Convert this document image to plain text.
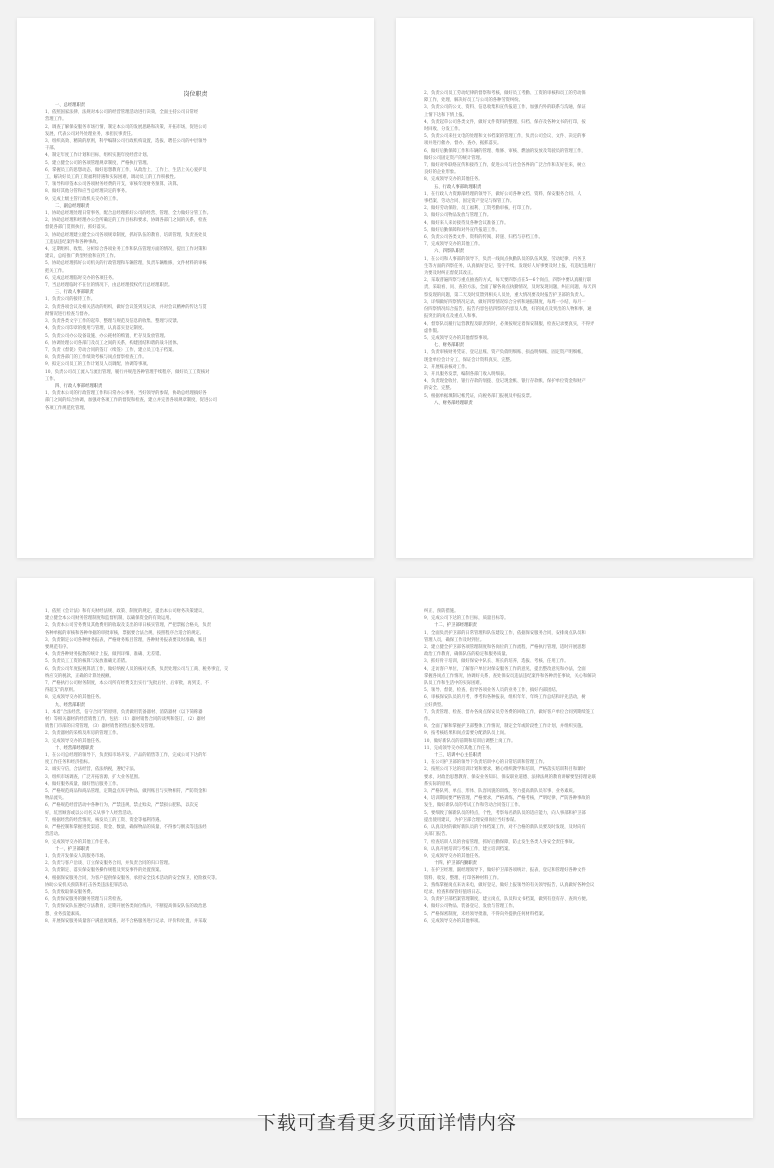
岗位职责
一、总经理职责
1、依照国家法律、法规对本公司的经营管理活动进行决策，全面主持公司日常经
营理工作。
2、调查了解保安服务市场行情，制定本公司的发展思路和决策，开拓市场，促进公司
发展，代表公司对外处理业务，承担民事责任。
3、组织高效、精简的原则，科学编制公司行政机构设置，选拔、聘任公司的中层领导
干部。
4、制定年度工作计划和目标，组织实施年度经营计划。
5、建立健全公司的各项管理规章制度，严格执行管理。
6、掌握员工的思想动态，做好思想教育工作，从政治上、工作上、生活上关心爱护员
工，解决好员工的工资福利待遇和实际困难，调动员工的工作积极性。
7、领导和审签本公司各项财务经费的开支，审核年度财务预算、决算。
8、做好其他分管和应当总经理决定的事务。
9、完成上级主管行政机关交办的工作。
二、副总经理职责
1、协助总经理处理日常事务，配合总经理抓好公司的经营、管理、全力做好分管工作。
2、协助总经理和经理办公会所确定的工作目标和要求，协调各部门之间的关系，检查
督促各部门贯彻执行，抓好落实。
3、协助总经理建立健全公司各项规章制度，抓好队伍的教育、培训管理，负责查处员
工违法违纪案件和各种事故。
4、定期组织、收集、分析综合各项业务工作和队伍管理方面的情况，提出工作对策和
建议，总结推广典型经验和宣传工作。
5、协助总经理抓好公司机关的行政管理和车辆管理，负责车辆维修，文件材料的审核
把关工作。
6、完成总经理临时交办的各项任务。
7、当总经理临时不在位的情况下，由总经理授权代行总经理职责。
三、行政人事部职责
1、负责公司的接待工作。
2、负责各项会议及相关活动的组织，做好会议签到及记录，并对会议精神的传达与贯
彻情况进行检查与督办。
3、负责各类文字工作的起草、整理与规范及信息的收集、整理与反馈。
4、负责公司印章的使用与管理，认真落实登记制度。
5、负责公司办公设备设施、办公耗材的购置、贮存及发放管理。
6、协调处理公司各部门及员工之间的关系，构建团结和谐的战斗团体。
7、负责《督促》劳动合同的签订（续签）工作，建立员工电子档案。
8、负责各部门的工作绩效考核与岗点督察检查工作。
9、拟定公司员工的工作计划及人员调配、协调等事项。
10、负责公司员工流入与流出管理，履行并规范各种管理手续程序，做好员工工资核对
工作。
四、行政人事部经理职责
1、负责本公司的行政管理工作和日常办公事务，当好领导的参谋，协助总经理搞好各
部门之间的综合协调，加强对各项工作的督促和检查，建立并完善各项规章制度，促进公司
各项工作规范化管理。
2、负责公司员工劳动纪律的督察和考核，做好员工考勤、工资的审核和员工的劳动保
障工作，处理、解决好员工与公司的各种劳资纠纷。
3、负责公司的公文、资料、信息收集和宣传报道工作，加强内外的联系与沟通，保证
上情下达和下情上报。
4、负责起草公司各类文件，做好文件资料的整理、归档、保存及各种文书的打印，按
时回收、分发工作。
5、负责公司来往文电的处理和文书档案的管理工作，负责公司会议、文件、决定的事
项并进行催办、督办、查办，据抓落实。
6、做好后勤保障工作和车辆的管理、维修、审核、燃油的发放及驾驶员的管理工作，
做好公司固定资产的统计管理。
7、做好对外联络宣传和接待工作，促进公司与社会各界的广泛合作和友好往来，树立
良好的企业形象。
8、完成领导交办的其他任务。
五、行政人事部助理职责
1、在行政人力资源部经理的领导下，做好公司各种文档、资料、保安服务合同、人
事档案、劳动合同、固定资产登记与保管工作。
2、做好劳动保险、员工福利、工资考勤审核，打印工作。
3、做好公司物品发放与管理工作。
4、做好来人来访接待及各种会议准备工作。
5、做好后勤保障和对外宣传报道工作。
6、负责公司各类文件、资料的传阅、转递、归档与存档工作。
7、完成领导交办的其他工作。
六、四察队职责
1、在公司和人事部的领导下，负责一线岗点执勤队员的队伍风貌、劳动纪律、内务卫
生等方面的四察任务，认真搞好登记、签字手续，发现好人好事要及时上报，有违纪违规行
为要及时纠正督促其改正。
2、采取普遍四察与重点抽查的方式，每天要四察点在5—6个岗点，四察中要认真履行职
责，采取看、问、查的方法，全面了解各岗点执勤情况，及时发现问题，纠正问题，每天四
察发现的问题，第二天及时反馈到相关人员处，重大情况要及时报告护卫部的负责人。
3、详细做好四察情况记录，做好四察情况综合分析和通报制度，每周一小结，每月一
份四察情况综合报告，报告内容包括四察的内容及人数，好的岗点及突出的人物和事，通
报突出的岗点及重点人和事。
4、督察队员履行运营教程及职责的时，必须按规定着保安制服，检查记录要真实，不得弄
虚作假。
5、完成领导交办的其他督察事项。
七、财务部职责
1、负责审核财务凭证、登记总账、资产负债明细账、损益明细账、固定资产明细帐，
现金单位会计分工，保证会计资料真实、完整。
2、开展账表核对工作。
3、开具服务发票，编制各部门收入明细表。
4、负责现金收付、银行存款的划拨、登记现金帐、银行存款帐、保护单位资金和财产
的安全、完整。
5、根据单据填制记帐凭证，向税务部门报税及申报发票。
八、财务部经理职责
1、依照《会计法》和有关财经法规、政策、制度的规定，提出本公司财务决策建议，
建立健全本公司财务管理制度和监督机制，以确保资金的有效运用。
2、负责本公司劳务费及其他费用的收取及支出的审日核实管理，严把票据合格关，负责
各种单据的审核和各种单据的审批审核，票据要合法合规，按照程序合适合的规定。
3、负责制定公司各种财务报表，严格财务账目管理，各种财务报表要及时准确，账目
要规范有序。
4、负责各种财务报数的统计上报，做到详细、准确、无差错。
5、负责员工工资的核算与发放准确无差错。
6、负责公司年度报税算清工作，做好纳税人员的核对关系，负责处理公司与工商、税务事宜，交
纳应交的税款，正确的计算处税额。
7、严格执行公司财务制度，本公司所有经费支出实行“先批后付、后审批，再到支，不
得超支”的原则。
8、完成领导交办的其他任务。
九、经营部职责
1、本着“合法经营，信守合同”的原则，负责做用装备器材、消防器材（以下简称器
材）等相关器材的经营销售工作，包括：（1）器材销售合同的谈判和签订，（2）器材
销售门市部的日常管理，（3）器材销售的售后服务及管理。
2、负责器材的采购及库房的管理工作。
3、完成领导交办的其他任务。
十、经营部经理职责
1、在公司总经理的领导下，负责拟市场开发、产品的销售等工作，完成公司下达的年
度工作任务和经济指标。
2、诚实守信，合法经营，依法纳税，遵纪守法。
3、组织市场调查，广泛开拓客源，扩大业务范围。
4、做好服务质量，做好售后服务工作。
5、严格规范商品和商品管理，定期盘点库存物品，做到账目与实物相符，严防资金和
物品流失。
6、严格规范经营活动中各种行为，严禁违规，禁止赊卖，严禁损公肥私，以次充
好，坑害顾客或以公司名义从事个人经营活动。
7、根据经营的经营情况，核发员工的工资、资金等福利待遇。
8、严格控制和掌握进货渠道、资金、数量，确保物品的质量，不得参与倒卖等违法经
营活动。
9、完成领导交办的其他工作任务。
十一、护卫部职责
1、负责开发保安人防服务市场。
2、负责与客户洽谈、订立保安服务合同，并负责合同的归口管理。
3、负责制定、落实保安服务操作规程及突发事件的处置预案。
4、根据保安服务合同，为客户提供保安服务，承担安全技术活动的安全保卫，抢险救灾等。
协助公安机关预防和打击各类违法犯罪活动。
5、负责收取保安服务费。
6、负责保安服务的勤务管理与日常检查。
7、负责保安队伍遵纪守法教育，定期开展各类岗位练兵，不断提高保安队伍的政治思
想、业务技能素质。
8、开展保安服务质量客户满意度调查，对不合格服务进行记录、评价和处置，并采取
纠正、预防措施。
9、完成公司下达的工作目标，质量目标等。
十二、护卫部经理职责
1、全面负责护卫部的日常管理和队伍建设工作，依据保安服务合同，安排岗点队员和
管理人员，确保工作及时到位。
2、建立健全护卫部各项管理制度和各岗位的工作流程，严格执行管理，适时开展思想
政治工作教育，确保队伍的稳定和服务质量。
3、抓好骨干培训，做好保安中队长、班长的培养，选拔、考核、任用工作。
4、走访客户单位，了解客户单位对保安服务工作的意见，提出整改意见和办法，全面
掌握各岗点工作情况，协调好关系，查处保安员违法违纪案件和各种责任事故，关心和解决
队员工作和生活中的实际困难。
5、领导、督促、检查、指导各项业务人员的业务工作，搞好内部团结。
6、审核保安队员的月考、季考和各种报表，组织年年、年终工作总结和评先活动，树
立好典型。
7、负责管理、检查、督办各岗点保安员劳务费的回收工作，做好客户单位合同到期续签工
作。
8、全面了解和掌握护卫部整体工作情况，制定全年或阶段性工作计划，并组织实施。
9、按考核结果和岗点需要分配新队员上岗。
10、做好新队员的前期和培训后调整上岗工作。
11、完成领导交办的其他工作任务。
十三、培训中心主任职责
1、在公司护卫部的领导下负责培训中心的日常培训和管理工作。
2、按照公司下达的培训计划和要求，精心组织教学和培训，严格落实培训科目和课时
要求，对政治思想教育、保安业务知识、保安职业道德、法律法规的教育讲解要坚持理论联
系实际的原则。
3、严格队列、单点、形体、队容风貌的训练，努力提高新队员军事、业务素质。
4、培训期间要严格管理，严格要求，严格训练，严格考核，严明纪律，严防各种事故的
发生，做好新队员的考试工作和劳动合同签订工作。
5、要细致了解新队员的特点，个性，考察每名新队员的适应能力，向人事部和护卫部
提出使用建议，为护卫部合理安排岗位当好参谋。
6、认真及时的做好新队员的个体档案工作，对不合格的新队员要及时发现，及时向有
关部门报告。
7、检查培训人员的食宿管理，抓好后勤保障，防止发生各类人身安全责任事故。
8、认真开展培训与考核工作，建立培训档案。
9、完成领导交办的其他任务。
十四、护卫部内勤职责
1、在护卫经理、副经理领导下，做好护卫部各项统计、报表、登记和管理好各种文件
资料、收发、整理、打印各种材料工作。
2、熟练掌握岗点来访来电，做好登记，做好上报领导的有关领导报告，认真做好各种会议
纪录、检查和保管好值班日志。
3、负责护卫部档案管理制度，建立岗点、队员和文书档案，做到有登有存、查询方便。
4、做好公司物品、装备登记、发放与管理工作。
5、严格保密制度，未经领导批准，不得向外提供任何材料档案。
6、完成领导交办的其他事项。
下载可查看更多页面详情内容
